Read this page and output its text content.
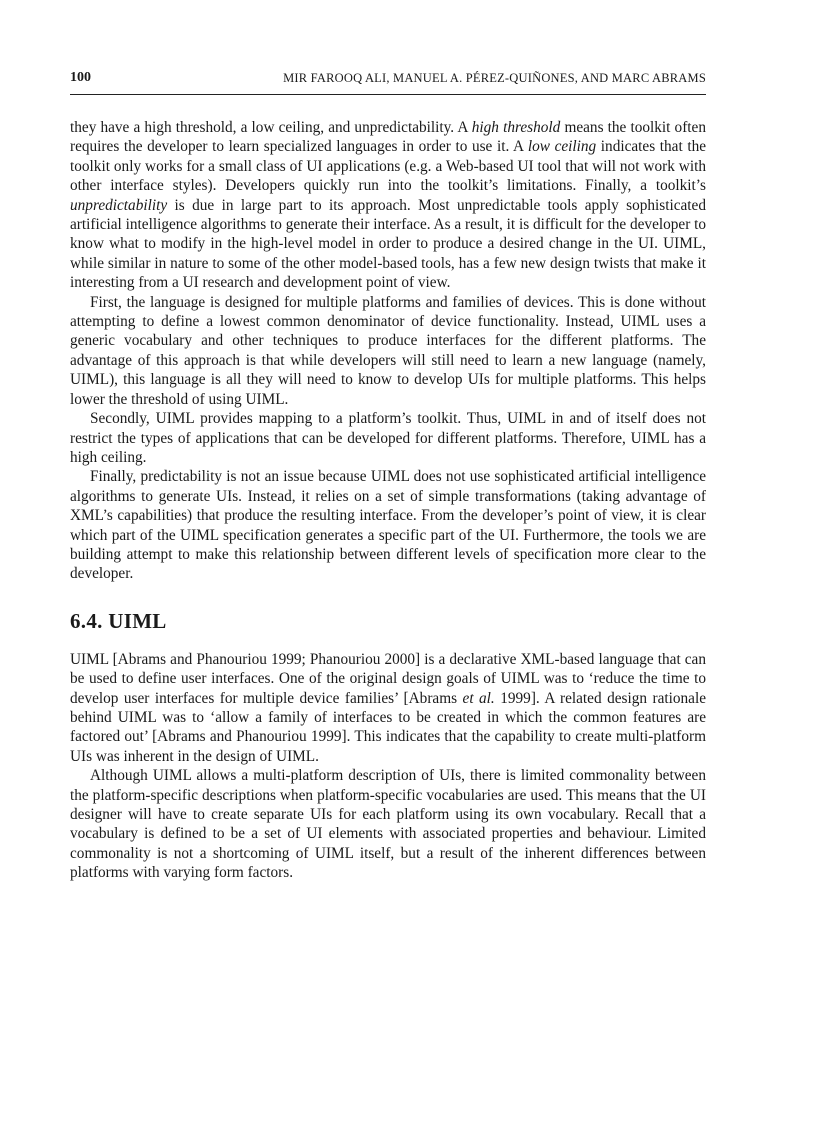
100	MIR FAROOQ ALI, MANUEL A. PÉREZ-QUIÑONES, AND MARC ABRAMS

they have a high threshold, a low ceiling, and unpredictability. A high threshold means the toolkit often requires the developer to learn specialized languages in order to use it. A low ceiling indicates that the toolkit only works for a small class of UI applications (e.g. a Web-based UI tool that will not work with other interface styles). Developers quickly run into the toolkit’s limitations. Finally, a toolkit’s unpredictability is due in large part to its approach. Most unpredictable tools apply sophisticated artificial intelligence algorithms to generate their interface. As a result, it is difficult for the developer to know what to modify in the high-level model in order to produce a desired change in the UI. UIML, while similar in nature to some of the other model-based tools, has a few new design twists that make it interesting from a UI research and development point of view.

First, the language is designed for multiple platforms and families of devices. This is done without attempting to define a lowest common denominator of device functionality. Instead, UIML uses a generic vocabulary and other techniques to produce interfaces for the different platforms. The advantage of this approach is that while developers will still need to learn a new language (namely, UIML), this language is all they will need to know to develop UIs for multiple platforms. This helps lower the threshold of using UIML.

Secondly, UIML provides mapping to a platform’s toolkit. Thus, UIML in and of itself does not restrict the types of applications that can be developed for different platforms. Therefore, UIML has a high ceiling.

Finally, predictability is not an issue because UIML does not use sophisticated artificial intelligence algorithms to generate UIs. Instead, it relies on a set of simple transformations (taking advantage of XML’s capabilities) that produce the resulting interface. From the developer’s point of view, it is clear which part of the UIML specification generates a specific part of the UI. Furthermore, the tools we are building attempt to make this relationship between different levels of specification more clear to the developer.

6.4. UIML

UIML [Abrams and Phanouriou 1999; Phanouriou 2000] is a declarative XML-based language that can be used to define user interfaces. One of the original design goals of UIML was to ‘reduce the time to develop user interfaces for multiple device families’ [Abrams et al. 1999]. A related design rationale behind UIML was to ‘allow a family of interfaces to be created in which the common features are factored out’ [Abrams and Phanouriou 1999]. This indicates that the capability to create multi-platform UIs was inherent in the design of UIML.

Although UIML allows a multi-platform description of UIs, there is limited commonality between the platform-specific descriptions when platform-specific vocabularies are used. This means that the UI designer will have to create separate UIs for each platform using its own vocabulary. Recall that a vocabulary is defined to be a set of UI elements with associated properties and behaviour. Limited commonality is not a shortcoming of UIML itself, but a result of the inherent differences between platforms with varying form factors.
